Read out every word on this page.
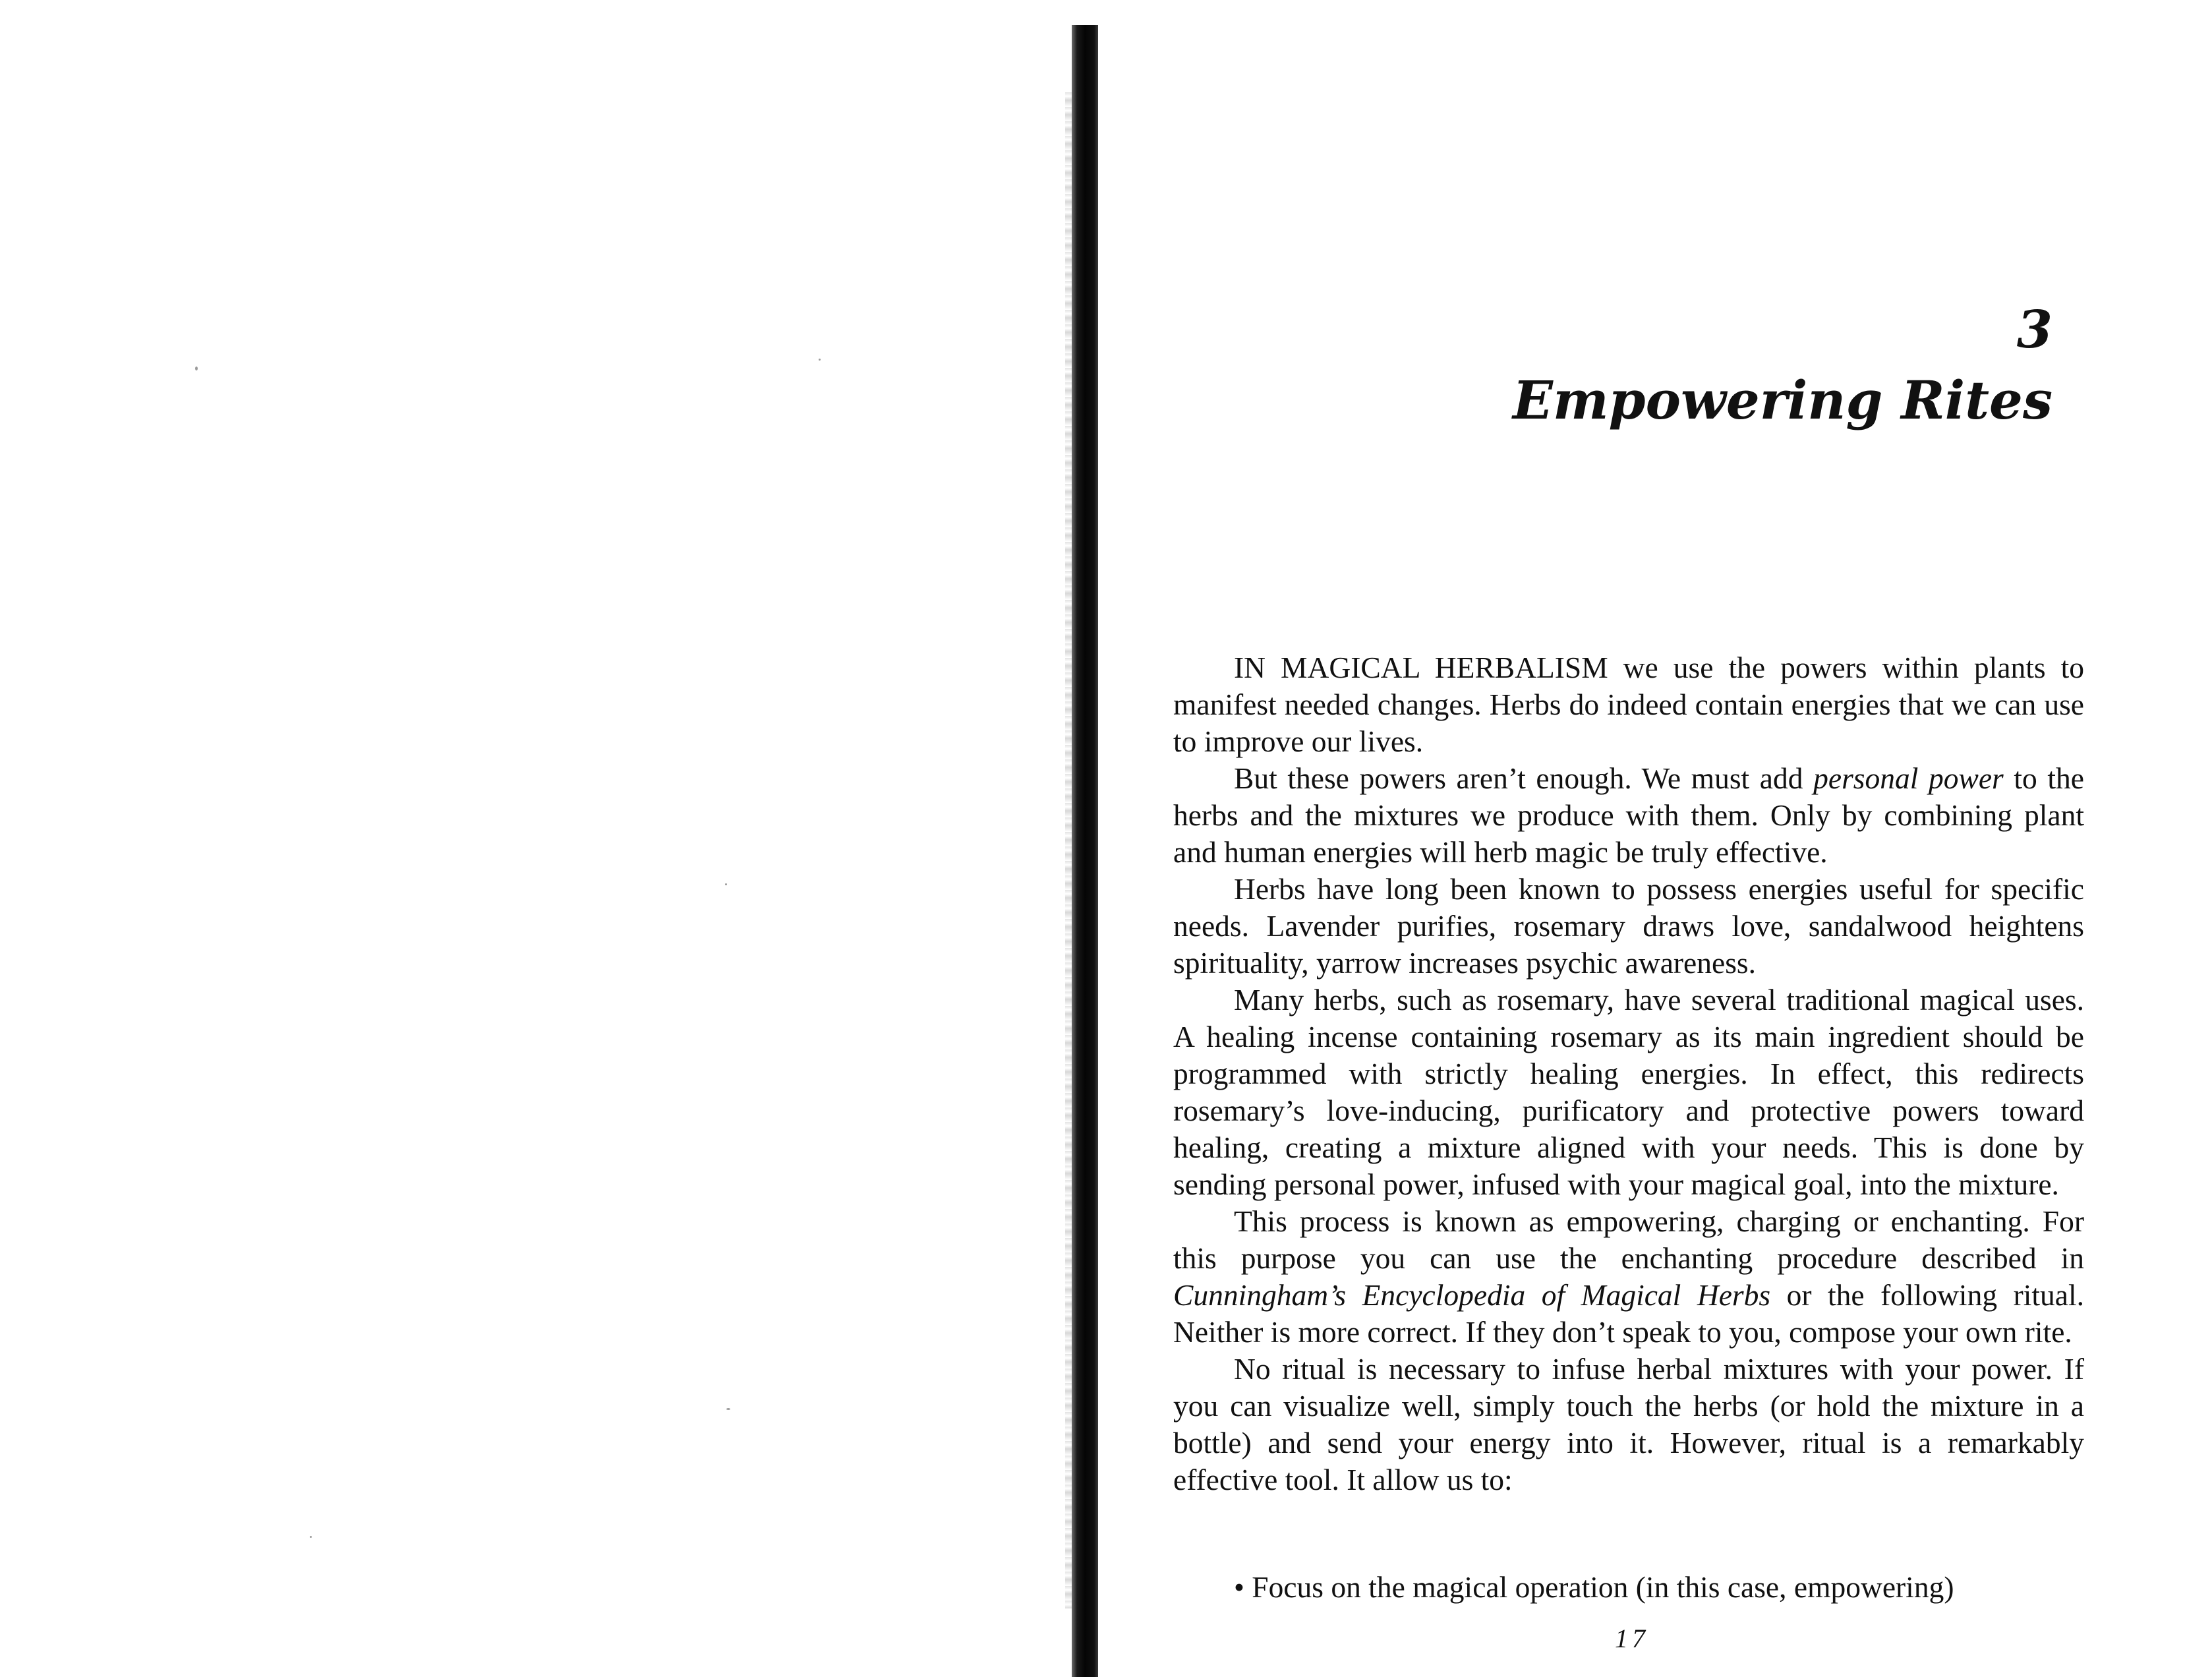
3
Empowering Rites

IN MAGICAL HERBALISM we use the powers within plants to manifest needed changes. Herbs do indeed contain energies that we can use to improve our lives.

But these powers aren’t enough. We must add personal power to the herbs and the mixtures we produce with them. Only by combining plant and human energies will herb magic be truly effective.

Herbs have long been known to possess energies useful for specific needs. Lavender purifies, rosemary draws love, sandalwood heightens spirituality, yarrow increases psychic awareness.

Many herbs, such as rosemary, have several traditional magical uses. A healing incense containing rosemary as its main ingredient should be programmed with strictly healing energies. In effect, this redirects rosemary’s love-inducing, purificatory and protective powers toward healing, creating a mixture aligned with your needs. This is done by sending personal power, infused with your magical goal, into the mixture.

This process is known as empowering, charging or enchanting. For this purpose you can use the enchanting procedure described in Cunningham’s Encyclopedia of Magical Herbs or the following ritual. Neither is more correct. If they don’t speak to you, compose your own rite.

No ritual is necessary to infuse herbal mixtures with your power. If you can visualize well, simply touch the herbs (or hold the mixture in a bottle) and send your energy into it. However, ritual is a remarkably effective tool. It allow us to:

• Focus on the magical operation (in this case, empowering)
17
